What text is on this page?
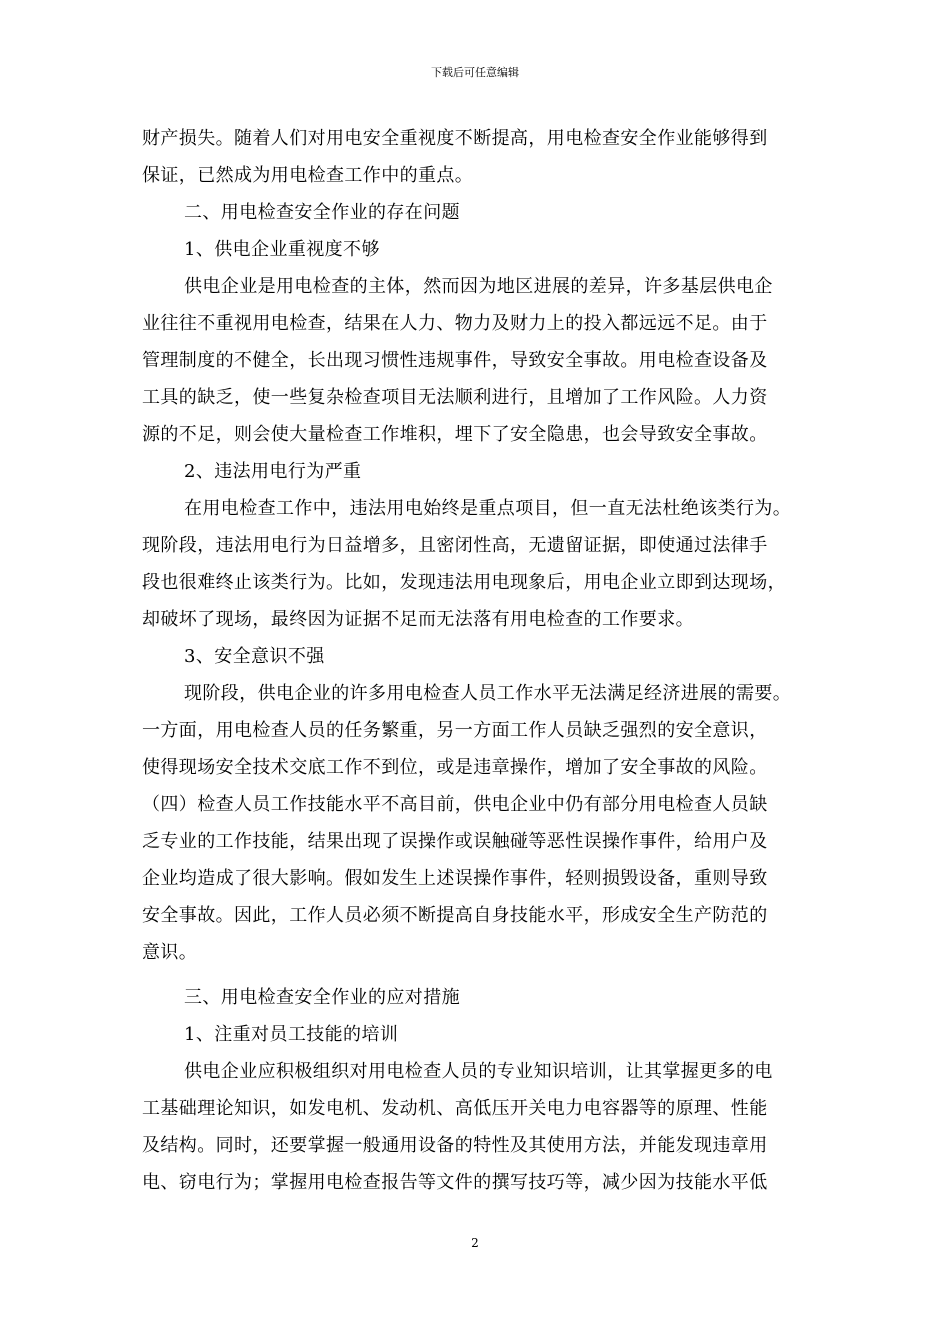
下载后可任意编辑

财产损失。随着人们对用电安全重视度不断提高，用电检查安全作业能够得到

保证，已然成为用电检查工作中的重点。

二、用电检查安全作业的存在问题

1、供电企业重视度不够

供电企业是用电检查的主体，然而因为地区进展的差异，许多基层供电企

业往往不重视用电检查，结果在人力、物力及财力上的投入都远远不足。由于

管理制度的不健全，长出现习惯性违规事件，导致安全事故。用电检查设备及

工具的缺乏，使一些复杂检查项目无法顺利进行，且增加了工作风险。人力资

源的不足，则会使大量检查工作堆积，埋下了安全隐患，也会导致安全事故。

2、违法用电行为严重

在用电检查工作中，违法用电始终是重点项目，但一直无法杜绝该类行为。

现阶段，违法用电行为日益增多，且密闭性高，无遗留证据，即使通过法律手

段也很难终止该类行为。比如，发现违法用电现象后，用电企业立即到达现场，

却破坏了现场，最终因为证据不足而无法落有用电检查的工作要求。

3、安全意识不强

现阶段，供电企业的许多用电检查人员工作水平无法满足经济进展的需要。

一方面，用电检查人员的任务繁重，另一方面工作人员缺乏强烈的安全意识，

使得现场安全技术交底工作不到位，或是违章操作，增加了安全事故的风险。

（四）检查人员工作技能水平不高目前，供电企业中仍有部分用电检查人员缺

乏专业的工作技能，结果出现了误操作或误触碰等恶性误操作事件，给用户及

企业均造成了很大影响。假如发生上述误操作事件，轻则损毁设备，重则导致

安全事故。因此，工作人员必须不断提高自身技能水平，形成安全生产防范的

意识。

三、用电检查安全作业的应对措施

1、注重对员工技能的培训

供电企业应积极组织对用电检查人员的专业知识培训，让其掌握更多的电

工基础理论知识，如发电机、发动机、高低压开关电力电容器等的原理、性能

及结构。同时，还要掌握一般通用设备的特性及其使用方法，并能发现违章用

电、窃电行为；掌握用电检查报告等文件的撰写技巧等，减少因为技能水平低

2
